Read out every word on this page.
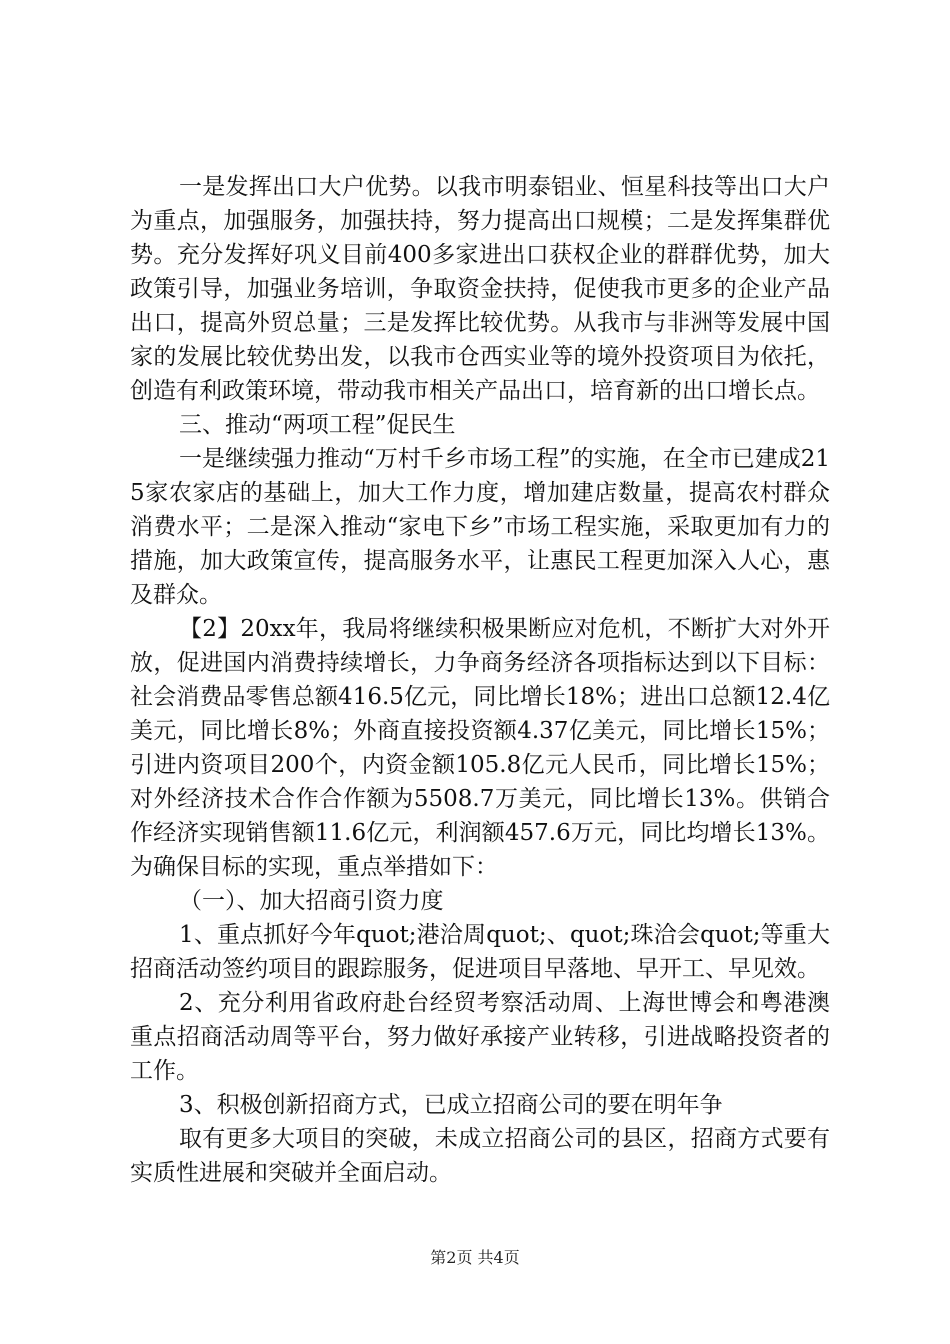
一是发挥出口大户优势。以我市明泰铝业、恒星科技等出口大户为重点，加强服务，加强扶持，努力提高出口规模；二是发挥集群优势。充分发挥好巩义目前400多家进出口获权企业的群群优势，加大政策引导，加强业务培训，争取资金扶持，促使我市更多的企业产品出口，提高外贸总量；三是发挥比较优势。从我市与非洲等发展中国家的发展比较优势出发，以我市仓西实业等的境外投资项目为依托，创造有利政策环境，带动我市相关产品出口，培育新的出口增长点。

三、推动“两项工程”促民生

一是继续强力推动“万村千乡市场工程”的实施，在全市已建成215家农家店的基础上，加大工作力度，增加建店数量，提高农村群众消费水平；二是深入推动“家电下乡”市场工程实施，采取更加有力的措施，加大政策宣传，提高服务水平，让惠民工程更加深入人心，惠及群众。

【2】20xx年，我局将继续积极果断应对危机，不断扩大对外开放，促进国内消费持续增长，力争商务经济各项指标达到以下目标：社会消费品零售总额416.5亿元，同比增长18%；进出口总额12.4亿美元，同比增长8%；外商直接投资额4.37亿美元，同比增长15%；引进内资项目200个，内资金额105.8亿元人民币，同比增长15%；对外经济技术合作合作额为5508.7万美元，同比增长13%。供销合作经济实现销售额11.6亿元，利润额457.6万元，同比均增长13%。为确保目标的实现，重点举措如下：

（一）、加大招商引资力度

1、重点抓好今年quot;港洽周quot;、quot;珠洽会quot;等重大招商活动签约项目的跟踪服务，促进项目早落地、早开工、早见效。

2、充分利用省政府赴台经贸考察活动周、上海世博会和粤港澳重点招商活动周等平台，努力做好承接产业转移，引进战略投资者的工作。

3、积极创新招商方式，已成立招商公司的要在明年争

取有更多大项目的突破，未成立招商公司的县区，招商方式要有实质性进展和突破并全面启动。

第2页 共4页
